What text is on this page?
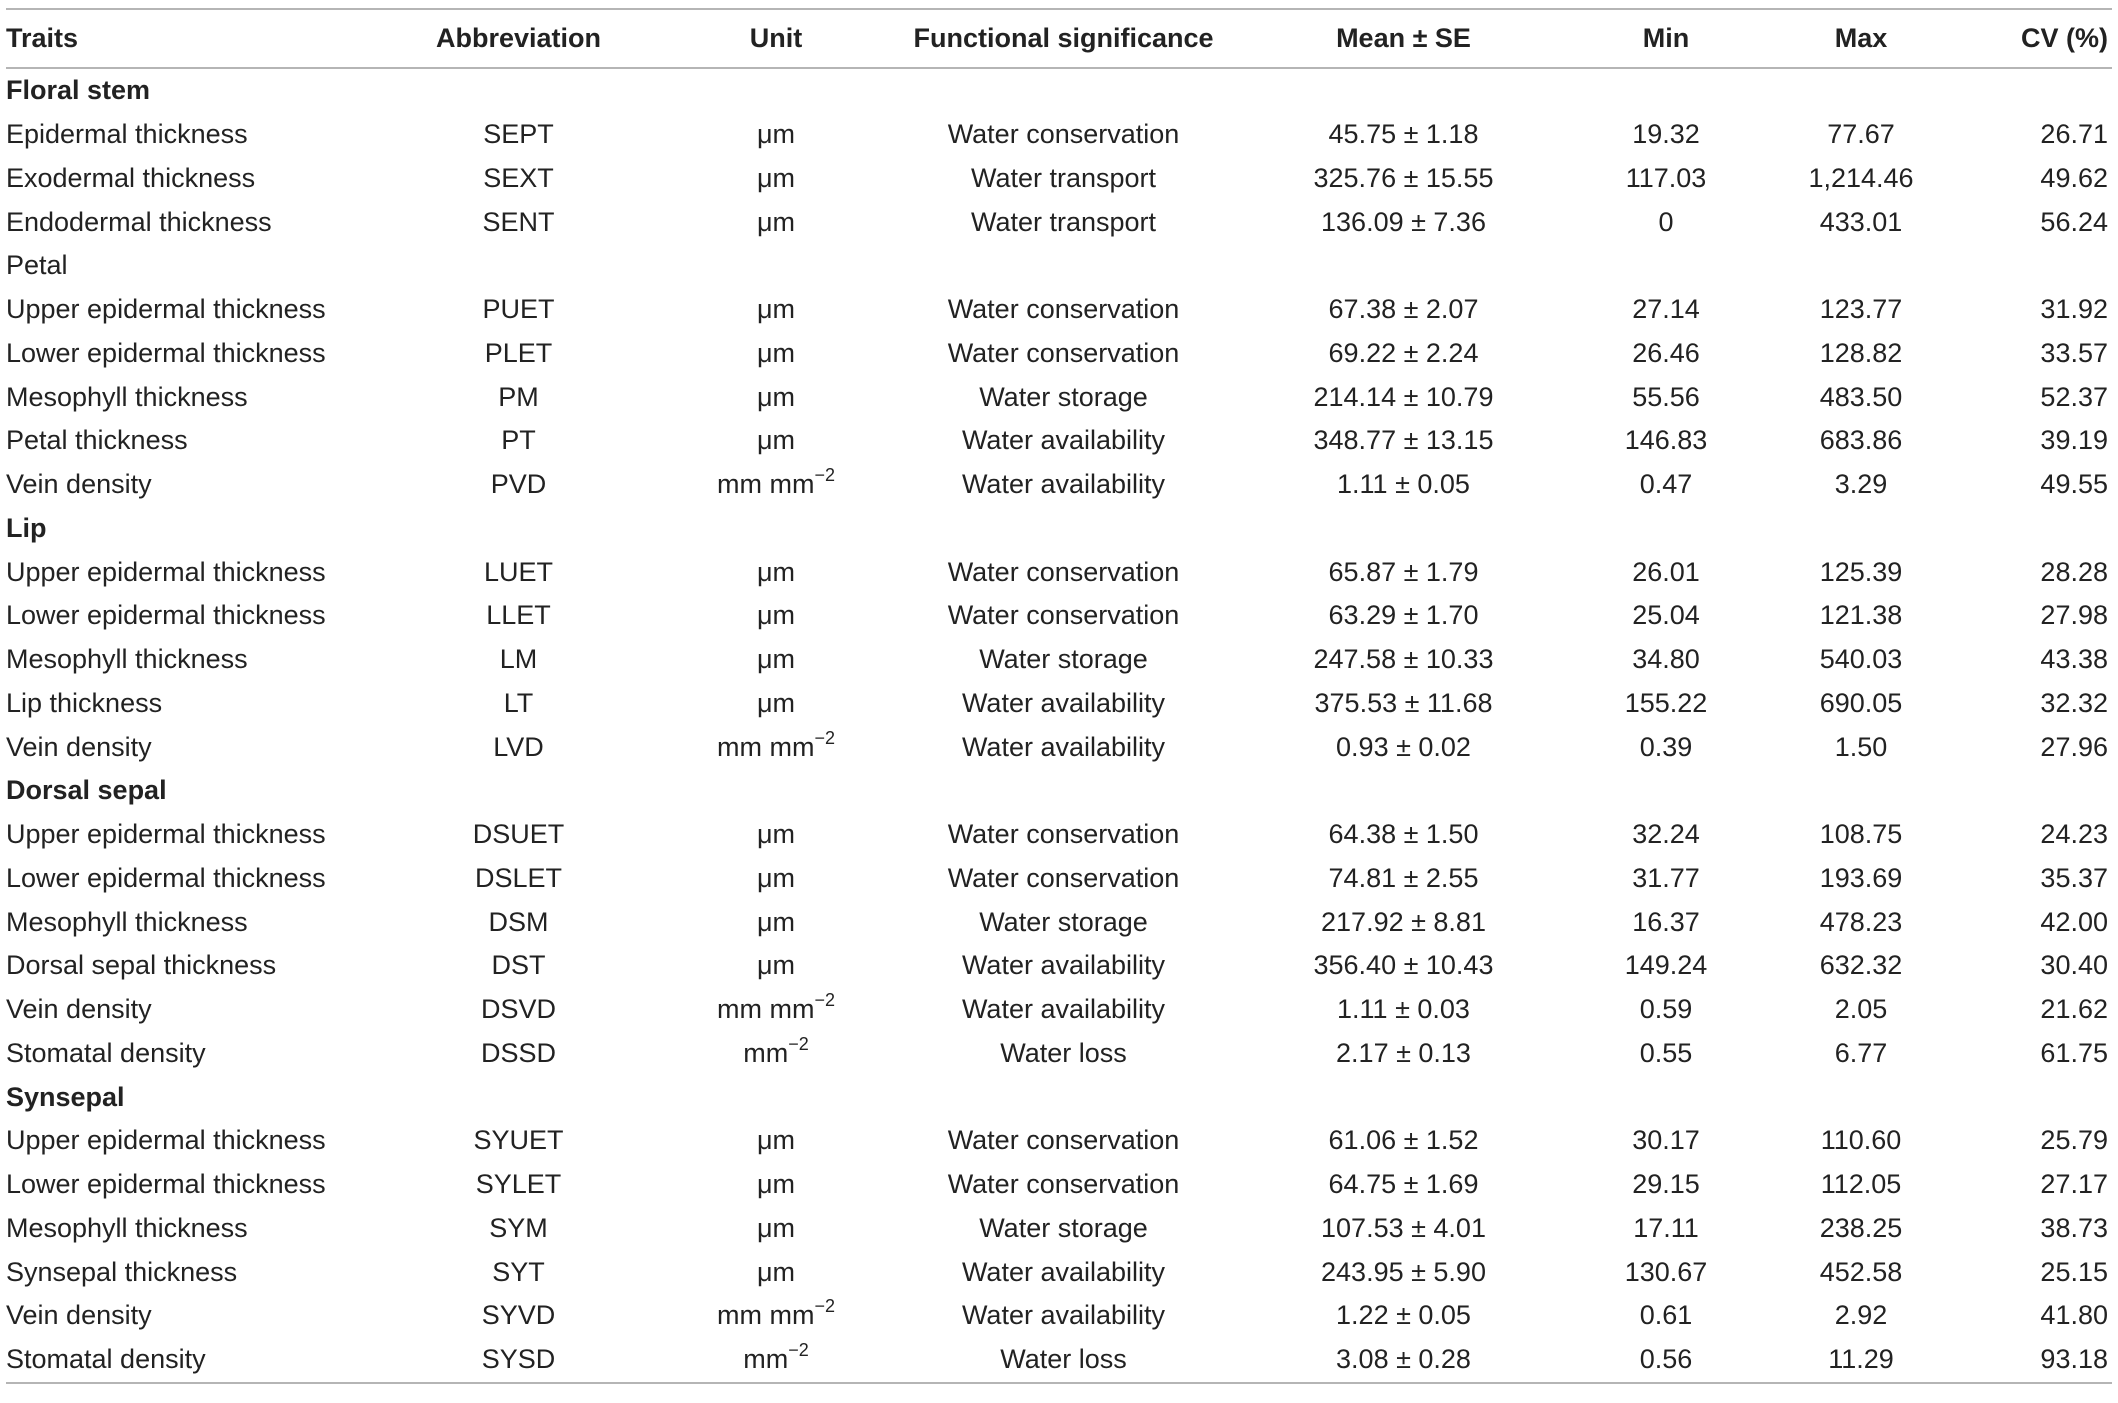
Traits	Abbreviation	Unit	Functional significance	Mean ± SE	Min	Max	CV (%)
Floral stem							
Epidermal thickness	SEPT	μm	Water conservation	45.75 ± 1.18	19.32	77.67	26.71
Exodermal thickness	SEXT	μm	Water transport	325.76 ± 15.55	117.03	1,214.46	49.62
Endodermal thickness	SENT	μm	Water transport	136.09 ± 7.36	0	433.01	56.24
Petal							
Upper epidermal thickness	PUET	μm	Water conservation	67.38 ± 2.07	27.14	123.77	31.92
Lower epidermal thickness	PLET	μm	Water conservation	69.22 ± 2.24	26.46	128.82	33.57
Mesophyll thickness	PM	μm	Water storage	214.14 ± 10.79	55.56	483.50	52.37
Petal thickness	PT	μm	Water availability	348.77 ± 13.15	146.83	683.86	39.19
Vein density	PVD	mm $mm^{-2}$	Water availability	1.11 ± 0.05	0.47	3.29	49.55
Lip							
Upper epidermal thickness	LUET	μm	Water conservation	65.87 ± 1.79	26.01	125.39	28.28
Lower epidermal thickness	LLET	μm	Water conservation	63.29 ± 1.70	25.04	121.38	27.98
Mesophyll thickness	LM	μm	Water storage	247.58 ± 10.33	34.80	540.03	43.38
Lip thickness	LT	μm	Water availability	375.53 ± 11.68	155.22	690.05	32.32
Vein density	LVD	mm $mm^{-2}$	Water availability	0.93 ± 0.02	0.39	1.50	27.96
Dorsal sepal							
Upper epidermal thickness	DSUET	μm	Water conservation	64.38 ± 1.50	32.24	108.75	24.23
Lower epidermal thickness	DSLET	μm	Water conservation	74.81 ± 2.55	31.77	193.69	35.37
Mesophyll thickness	DSM	μm	Water storage	217.92 ± 8.81	16.37	478.23	42.00
Dorsal sepal thickness	DST	μm	Water availability	356.40 ± 10.43	149.24	632.32	30.40
Vein density	DSVD	mm $mm^{-2}$	Water availability	1.11 ± 0.03	0.59	2.05	21.62
Stomatal density	DSSD	$mm^{-2}$	Water loss	2.17 ± 0.13	0.55	6.77	61.75
Synsepal							
Upper epidermal thickness	SYUET	μm	Water conservation	61.06 ± 1.52	30.17	110.60	25.79
Lower epidermal thickness	SYLET	μm	Water conservation	64.75 ± 1.69	29.15	112.05	27.17
Mesophyll thickness	SYM	μm	Water storage	107.53 ± 4.01	17.11	238.25	38.73
Synsepal thickness	SYT	μm	Water availability	243.95 ± 5.90	130.67	452.58	25.15
Vein density	SYVD	mm $mm^{-2}$	Water availability	1.22 ± 0.05	0.61	2.92	41.80
Stomatal density	SYSD	$mm^{-2}$	Water loss	3.08 ± 0.28	0.56	11.29	93.18
